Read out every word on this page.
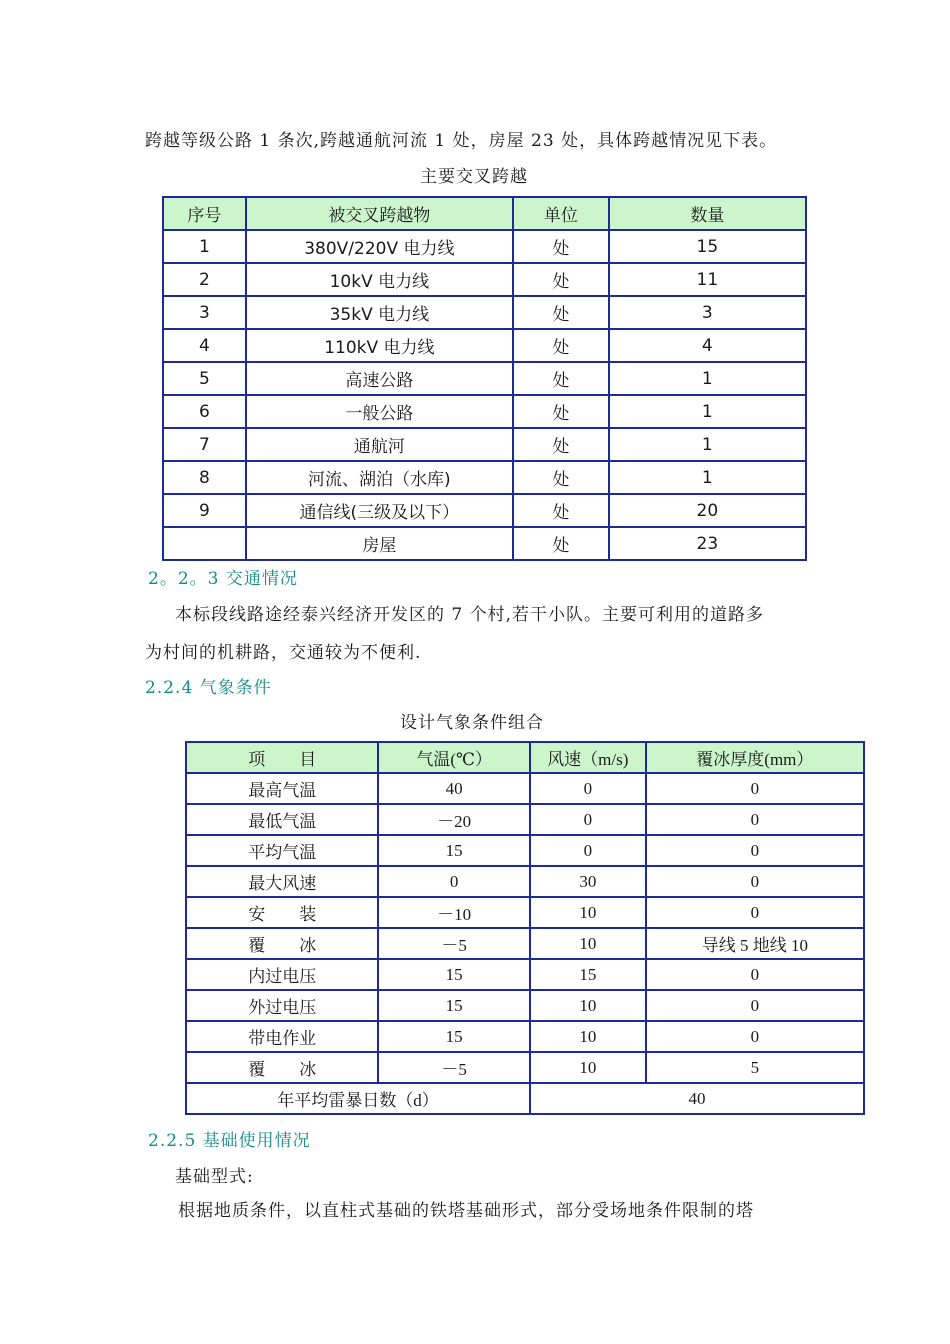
跨越等级公路 1 条次,跨越通航河流 1 处，房屋 23 处，具体跨越情况见下表。
主要交叉跨越
序号	被交叉跨越物	单位	数量
1	380V/220V 电力线	处	15
2	10kV 电力线	处	11
3	35kV 电力线	处	3
4	110kV 电力线	处	4
5	高速公路	处	1
6	一般公路	处	1
7	通航河	处	1
8	河流、湖泊（水库)	处	1
9	通信线(三级及以下）	处	20
	房屋	处	23
2。2。3 交通情况
本标段线路途经泰兴经济开发区的 7 个村,若干小队。主要可利用的道路多
为村间的机耕路，交通较为不便利.
2.2.4 气象条件
设计气象条件组合
项　　目	气温(℃）	风速（m/s)	覆冰厚度(mm）
最高气温	40	0	0
最低气温	－20	0	0
平均气温	15	0	0
最大风速	0	30	0
安　　装	－10	10	0
覆　　冰	－5	10	导线 5 地线 10
内过电压	15	15	0
外过电压	15	10	0
带电作业	15	10	0
覆　　冰	－5	10	5
年平均雷暴日数（d）		40	
2.2.5 基础使用情况
基础型式:
根据地质条件，以直柱式基础的铁塔基础形式，部分受场地条件限制的塔
